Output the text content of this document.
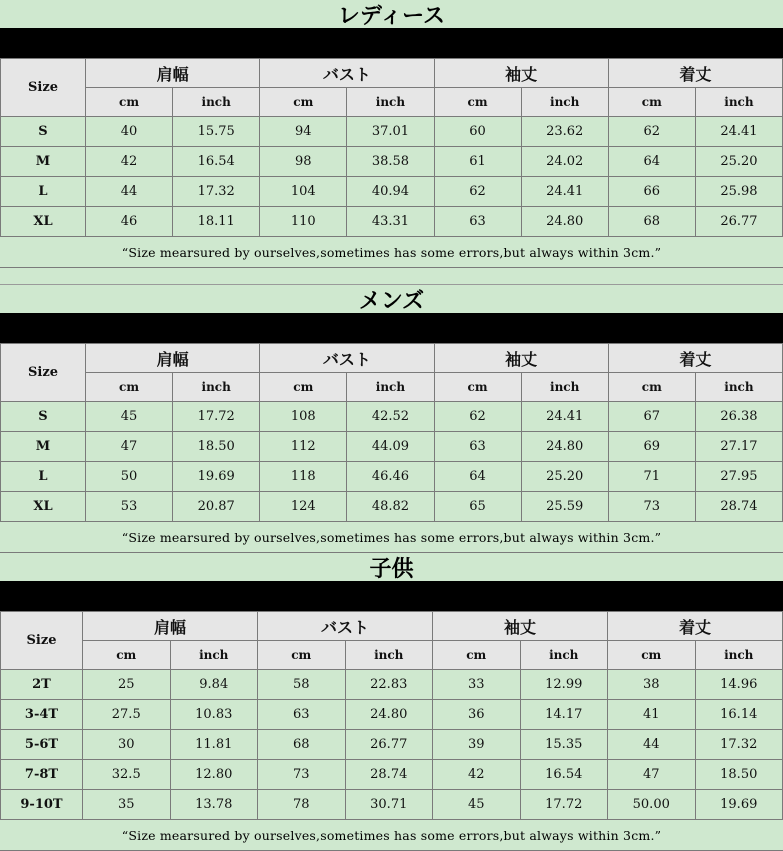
レディース
Size	肩幅		バスト		袖丈		着丈	
	cm	inch	cm	inch	cm	inch	cm	inch
S	40	15.75	94	37.01	60	23.62	62	24.41
M	42	16.54	98	38.58	61	24.02	64	25.20
L	44	17.32	104	40.94	62	24.41	66	25.98
XL	46	18.11	110	43.31	63	24.80	68	26.77
“Size mearsured by ourselves,sometimes has some errors,but always within 3cm.”
メンズ
Size	肩幅		バスト		袖丈		着丈	
	cm	inch	cm	inch	cm	inch	cm	inch
S	45	17.72	108	42.52	62	24.41	67	26.38
M	47	18.50	112	44.09	63	24.80	69	27.17
L	50	19.69	118	46.46	64	25.20	71	27.95
XL	53	20.87	124	48.82	65	25.59	73	28.74
“Size mearsured by ourselves,sometimes has some errors,but always within 3cm.”
子供
Size	肩幅		バスト		袖丈		着丈	
	cm	inch	cm	inch	cm	inch	cm	inch
2T	25	9.84	58	22.83	33	12.99	38	14.96
3-4T	27.5	10.83	63	24.80	36	14.17	41	16.14
5-6T	30	11.81	68	26.77	39	15.35	44	17.32
7-8T	32.5	12.80	73	28.74	42	16.54	47	18.50
9-10T	35	13.78	78	30.71	45	17.72	50.00	19.69
“Size mearsured by ourselves,sometimes has some errors,but always within 3cm.”
